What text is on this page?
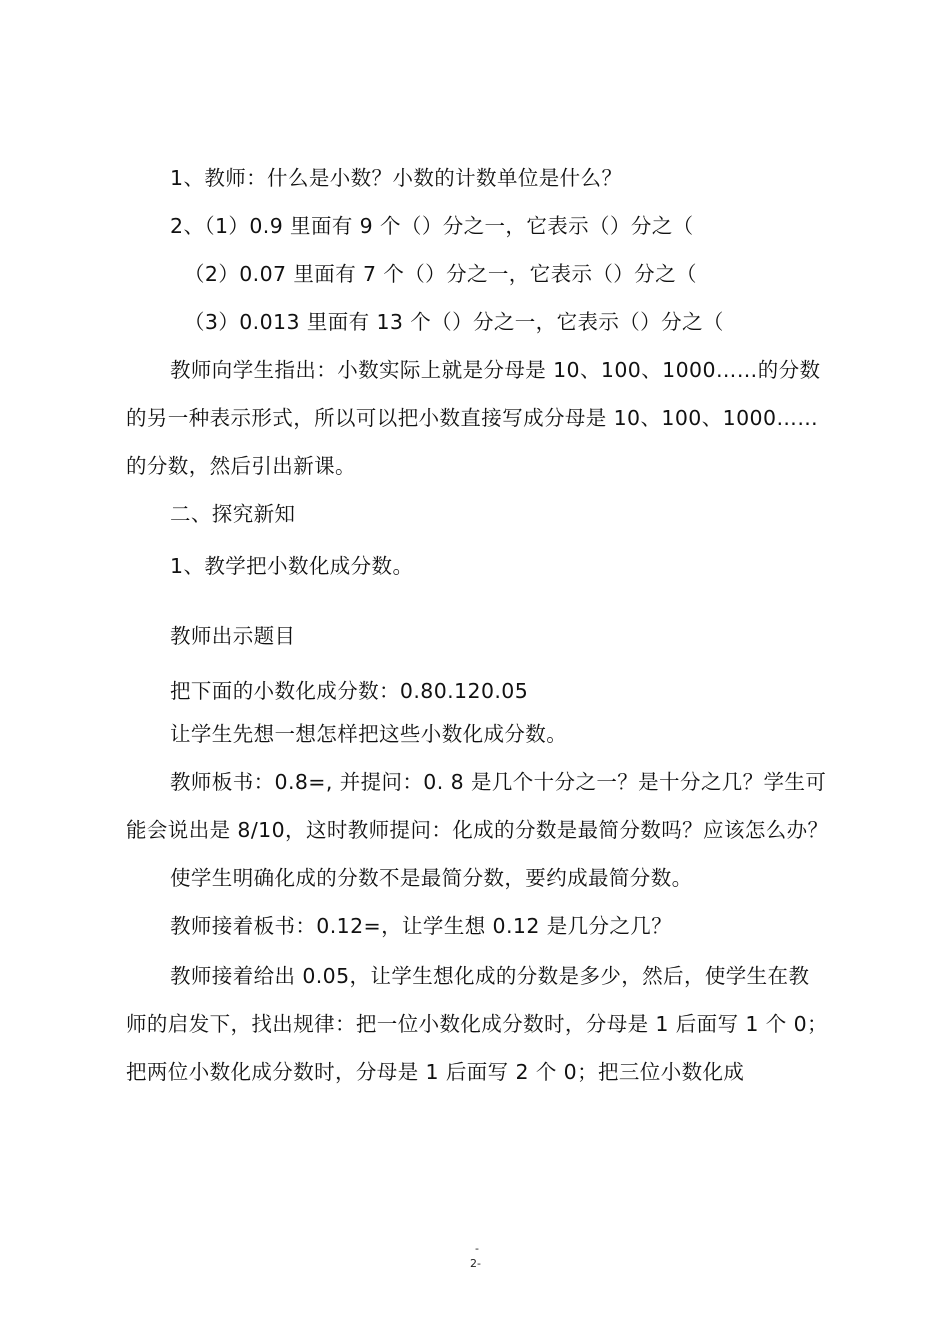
1、教师：什么是小数？小数的计数单位是什么？

2、（1）0.9 里面有 9 个（）分之一，它表示（）分之（

（2）0.07 里面有 7 个（）分之一，它表示（）分之（

（3）0.013 里面有 13 个（）分之一，它表示（）分之（

教师向学生指出：小数实际上就是分母是 10、100、1000……的分数

的另一种表示形式，所以可以把小数直接写成分母是 10、100、1000……

的分数，然后引出新课。

二、探究新知

1、教学把小数化成分数。

教师出示题目

把下面的小数化成分数：0.80.120.05

让学生先想一想怎样把这些小数化成分数。

教师板书：0.8=, 并提问：0. 8 是几个十分之一？是十分之几？学生可

能会说出是 8/10，这时教师提问：化成的分数是最简分数吗？应该怎么办？

使学生明确化成的分数不是最简分数，要约成最简分数。

教师接着板书：0.12=，让学生想 0.12 是几分之几？

教师接着给出 0.05，让学生想化成的分数是多少，然后，使学生在教

师的启发下，找出规律：把一位小数化成分数时，分母是 1 后面写 1 个 0；

把两位小数化成分数时，分母是 1 后面写 2 个 0；把三位小数化成

-

2-
